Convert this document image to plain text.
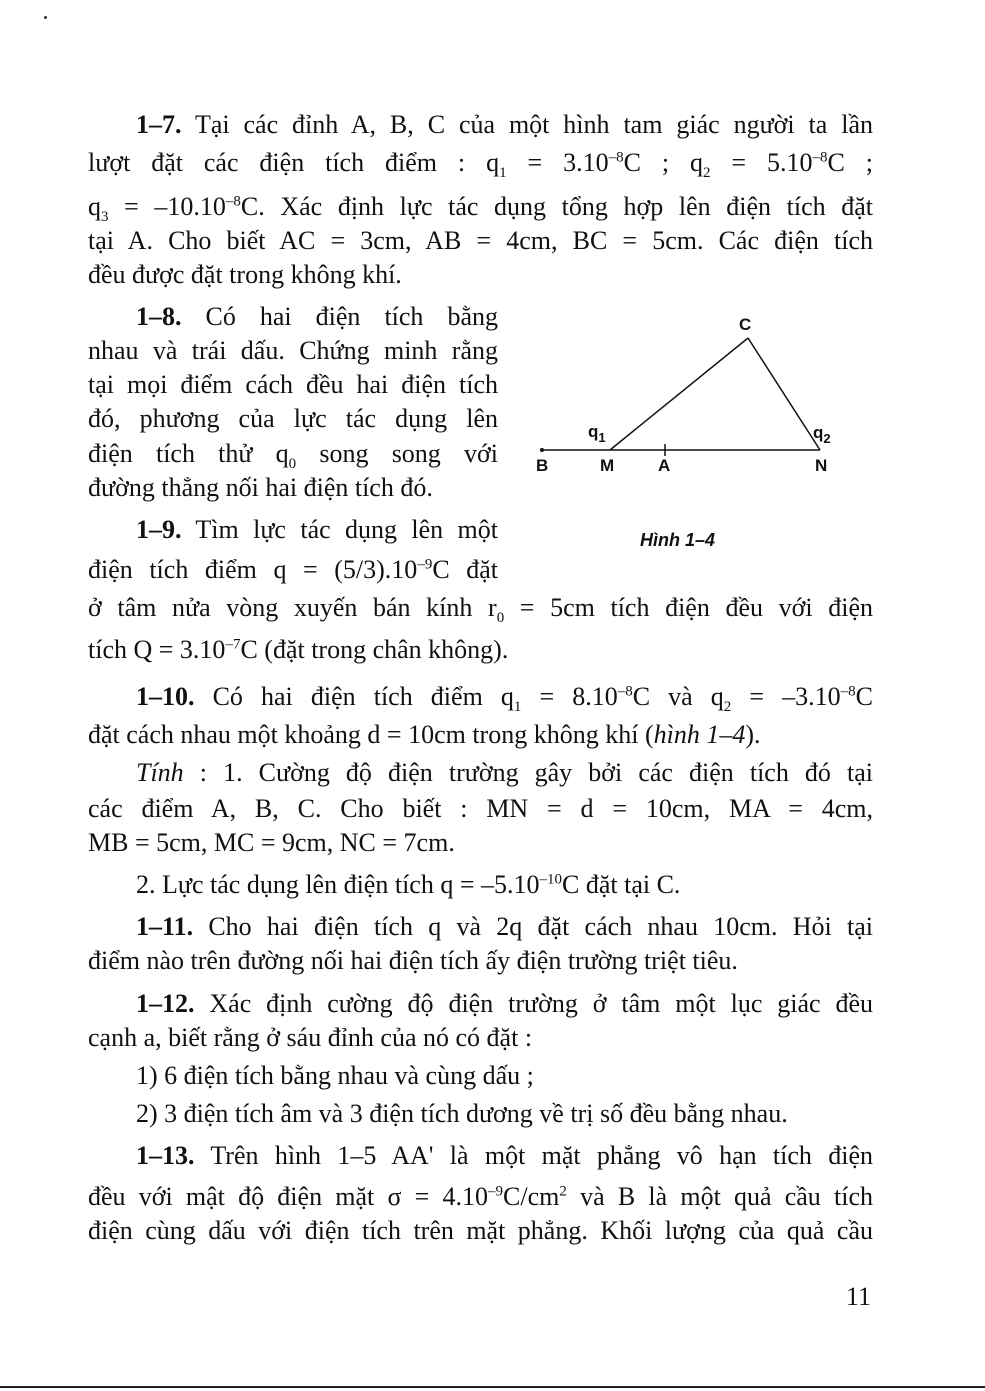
1–7. Tại các đỉnh A, B, C của một hình tam giác người ta lần

lượt đặt các điện tích điểm : $q_1 = 3.10^{-8}C$ ; $q_2 = 5.10^{-8}C$ ;

$q_3 = -10.10^{-8}C$. Xác định lực tác dụng tổng hợp lên điện tích đặt

tại A. Cho biết AC = 3cm, AB = 4cm, BC = 5cm. Các điện tích

đều được đặt trong không khí.

1–8. Có hai điện tích bằng

nhau và trái dấu. Chứng minh rằng

tại mọi điểm cách đều hai điện tích

đó, phương của lực tác dụng lên

điện tích thử $q_0$ song song với

đường thẳng nối hai điện tích đó.

1–9. Tìm lực tác dụng lên một

điện tích điểm $q = (5/3).10^{-9}C$ đặt

ở tâm nửa vòng xuyến bán kính $r_0 = 5cm$ tích điện đều với điện

tích $Q = 3.10^{-7}C$ (đặt trong chân không).

C
B	M	A	N
$q_1$	$q_2$
Hình 1–4

1–10. Có hai điện tích điểm $q_1 = 8.10^{-8}C$ và $q_2 = -3.10^{-8}C$

đặt cách nhau một khoảng d = 10cm trong không khí (hình 1–4).

Tính : 1. Cường độ điện trường gây bởi các điện tích đó tại

các điểm A, B, C. Cho biết : MN = d = 10cm, MA = 4cm,

MB = 5cm, MC = 9cm, NC = 7cm.

2. Lực tác dụng lên điện tích $q = -5.10^{-10}C$ đặt tại C.

1–11. Cho hai điện tích q và 2q đặt cách nhau 10cm. Hỏi tại

điểm nào trên đường nối hai điện tích ấy điện trường triệt tiêu.

1–12. Xác định cường độ điện trường ở tâm một lục giác đều

cạnh a, biết rằng ở sáu đỉnh của nó có đặt :

1) 6 điện tích bằng nhau và cùng dấu ;

2) 3 điện tích âm và 3 điện tích dương về trị số đều bằng nhau.

1–13. Trên hình 1–5 AA' là một mặt phẳng vô hạn tích điện

đều với mật độ điện mặt $\sigma = 4.10^{-9}C/cm^2$ và B là một quả cầu tích

điện cùng dấu với điện tích trên mặt phẳng. Khối lượng của quả cầu

11
